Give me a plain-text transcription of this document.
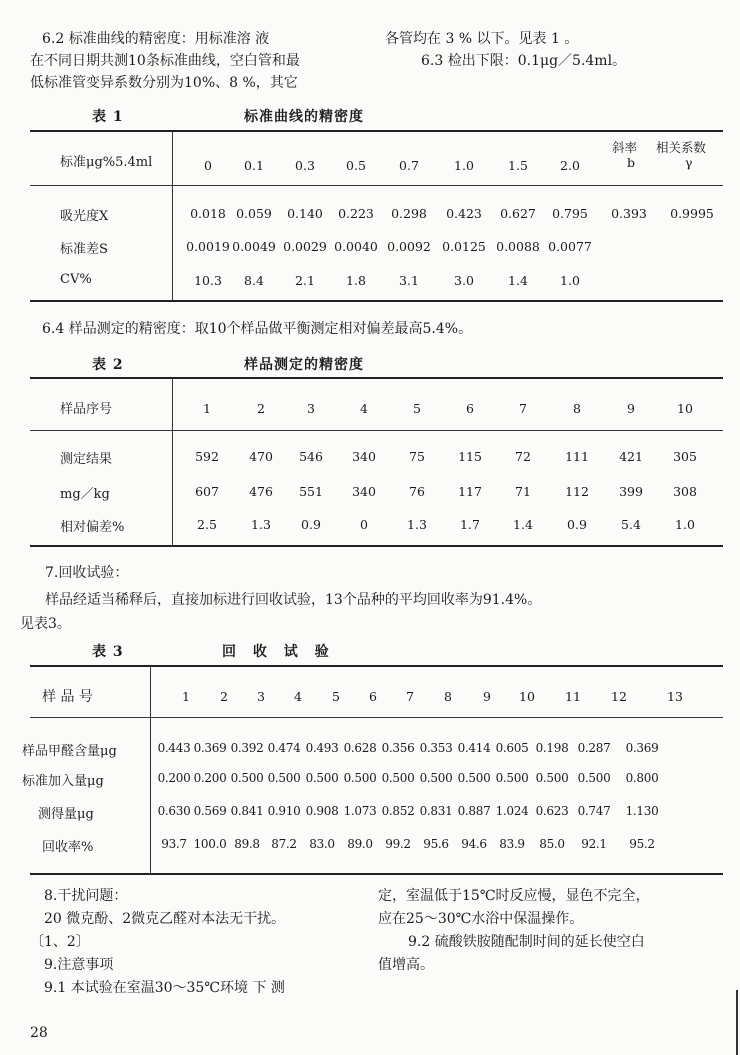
6.2 标准曲线的精密度：用标准溶 液

在不同日期共测10条标准曲线，空白管和最

低标准管变异系数分别为10%、8 %，其它

各管均在 3 % 以下。见表 1 。

6.3 检出下限：0.1μg／5.4ml。

表 1	标准曲线的精密度
标准μg%5.4ml	0	0.1 0.3 0.5	0.7	1.0	1.5	2.0
斜率
b
相关系数
γ
吸光度X	0.018 0.059	0.140	0.223	0.298	0.423	0.627	0.795	0.393	0.9995
标准差S	0.0019 0.0049 0.0029 0.0040 0.0092 0.0125 0.0088 0.0077
CV%	10.3	8.4	2.1	1.8	3.1	3.0	1.4	1.0
6.4 样品测定的精密度：取10个样品做平衡测定相对偏差最高5.4%。
表 2	样品测定的精密度
样品序号	1	2	3	4	5	6	7	8	9	10
测定结果	592	470	546	340	75	115	72	111	421	305
mg／kg	607	476	551	340	76	117	71	112	399	308
相对偏差%	2.5	1.3	0.9	0	1.3	1.7	1.4	0.9	5.4	1.0
7.回收试验：
样品经适当稀释后，直接加标进行回收试验，13个品种的平均回收率为91.4%。
见表3。
表 3	回 收 试 验
样 品 号	1	2	3	4	5	6	7	8	9	10	11	12	13
样品甲醛含量μg	0.443 0.369 0.392 0.474 0.493 0.628 0.356 0.353 0.414 0.605 0.198 0.287	0.369
标准加入量μg	0.200 0.200 0.500 0.500 0.500 0.500 0.500 0.500 0.500 0.500 0.500 0.500	0.800
测得量μg	0.630 0.569 0.841 0.910 0.908 1.073 0.852 0.831 0.887 1.024 0.623 0.747	1.130
回收率%	93.7 100.0 89.8 87.2	83.0	89.0	99.2	95.6	94.6	83.9	85.0	92.1	95.2

8.干扰问题：

20 微克酚、2微克乙醛对本法无干扰。

〔1、2〕

9.注意事项

9.1 本试验在室温30～35℃环境 下 测

定，室温低于15℃时反应慢，显色不完全，

应在25～30℃水浴中保温操作。

9.2 硫酸铁胺随配制时间的延长使空白

值增高。

28
